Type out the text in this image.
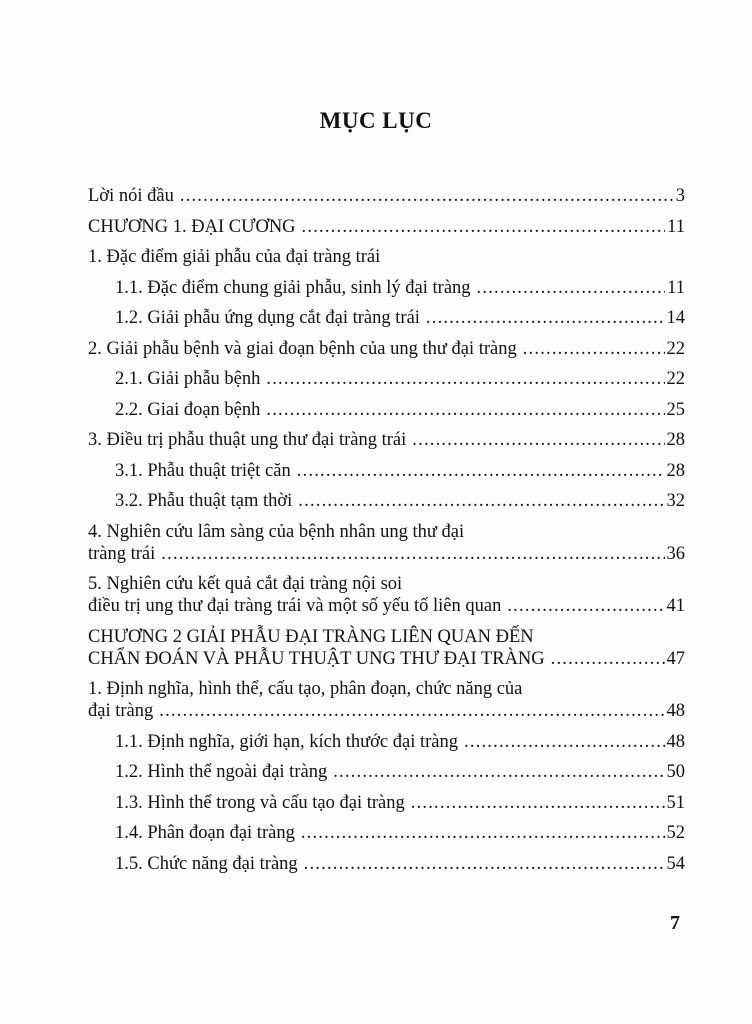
MỤC LỤC
Lời nói đầu .....	3
CHƯƠNG 1. ĐẠI CƯƠNG .....	11
1. Đặc điểm giải phẫu của đại tràng trái
1.1. Đặc điểm chung giải phẫu, sinh lý đại tràng .....	11
1.2. Giải phẫu ứng dụng cắt đại tràng trái .....	14
2. Giải phẫu bệnh và giai đoạn bệnh của ung thư đại tràng .....	22
2.1. Giải phẫu bệnh .....	22
2.2. Giai đoạn bệnh .....	25
3. Điều trị phẫu thuật ung thư đại tràng trái .....	28
3.1. Phẫu thuật triệt căn .....	28
3.2. Phẫu thuật tạm thời .....	32
4. Nghiên cứu lâm sàng của bệnh nhân ung thư đại
tràng trái .....	36
5. Nghiên cứu kết quả cắt đại tràng nội soi
điều trị ung thư đại tràng trái và một số yếu tố liên quan .....	41
CHƯƠNG 2 GIẢI PHẪU ĐẠI TRÀNG LIÊN QUAN ĐẾN
CHẨN ĐOÁN VÀ PHẪU THUẬT UNG THƯ ĐẠI TRÀNG .....	47
1. Định nghĩa, hình thể, cấu tạo, phân đoạn, chức năng của
đại tràng .....	48
1.1. Định nghĩa, giới hạn, kích thước đại tràng .....	48
1.2. Hình thể ngoài đại tràng .....	50
1.3. Hình thể trong và cấu tạo đại tràng .....	51
1.4. Phân đoạn đại tràng .....	52
1.5. Chức năng đại tràng .....	54
7
